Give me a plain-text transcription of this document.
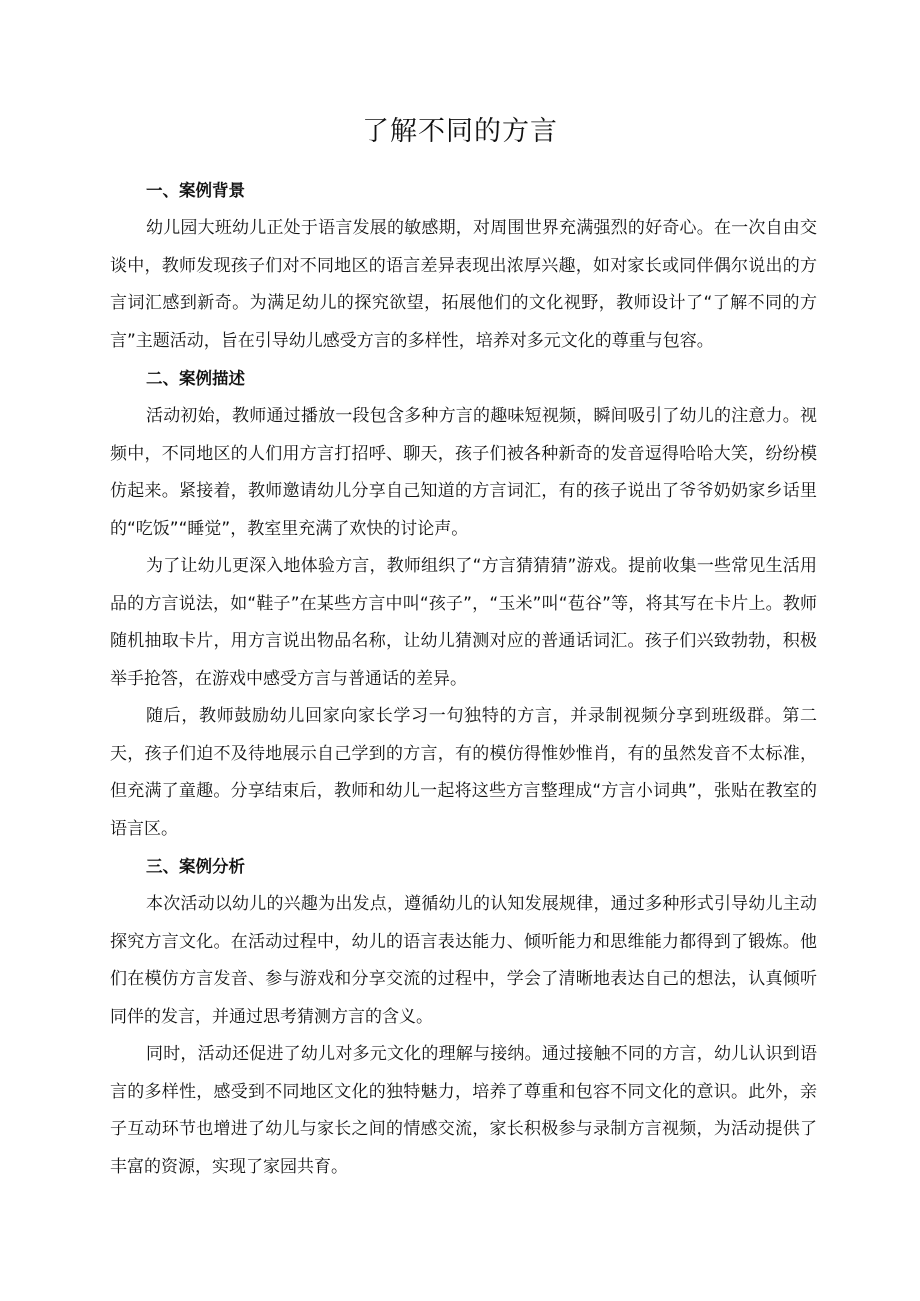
了解不同的方言
一、案例背景

幼儿园大班幼儿正处于语言发展的敏感期，对周围世界充满强烈的好奇心。在一次自由交谈中，教师发现孩子们对不同地区的语言差异表现出浓厚兴趣，如对家长或同伴偶尔说出的方言词汇感到新奇。为满足幼儿的探究欲望，拓展他们的文化视野，教师设计了“了解不同的方言”主题活动，旨在引导幼儿感受方言的多样性，培养对多元文化的尊重与包容。

二、案例描述

活动初始，教师通过播放一段包含多种方言的趣味短视频，瞬间吸引了幼儿的注意力。视频中，不同地区的人们用方言打招呼、聊天，孩子们被各种新奇的发音逗得哈哈大笑，纷纷模仿起来。紧接着，教师邀请幼儿分享自己知道的方言词汇，有的孩子说出了爷爷奶奶家乡话里的“吃饭”“睡觉”，教室里充满了欢快的讨论声。

为了让幼儿更深入地体验方言，教师组织了“方言猜猜猜”游戏。提前收集一些常见生活用品的方言说法，如“鞋子”在某些方言中叫“孩子”，“玉米”叫“苞谷”等，将其写在卡片上。教师随机抽取卡片，用方言说出物品名称，让幼儿猜测对应的普通话词汇。孩子们兴致勃勃，积极举手抢答，在游戏中感受方言与普通话的差异。

随后，教师鼓励幼儿回家向家长学习一句独特的方言，并录制视频分享到班级群。第二天，孩子们迫不及待地展示自己学到的方言，有的模仿得惟妙惟肖，有的虽然发音不太标准，但充满了童趣。分享结束后，教师和幼儿一起将这些方言整理成“方言小词典”，张贴在教室的语言区。

三、案例分析

本次活动以幼儿的兴趣为出发点，遵循幼儿的认知发展规律，通过多种形式引导幼儿主动探究方言文化。在活动过程中，幼儿的语言表达能力、倾听能力和思维能力都得到了锻炼。他们在模仿方言发音、参与游戏和分享交流的过程中，学会了清晰地表达自己的想法，认真倾听同伴的发言，并通过思考猜测方言的含义。

同时，活动还促进了幼儿对多元文化的理解与接纳。通过接触不同的方言，幼儿认识到语言的多样性，感受到不同地区文化的独特魅力，培养了尊重和包容不同文化的意识。此外，亲子互动环节也增进了幼儿与家长之间的情感交流，家长积极参与录制方言视频，为活动提供了丰富的资源，实现了家园共育。
